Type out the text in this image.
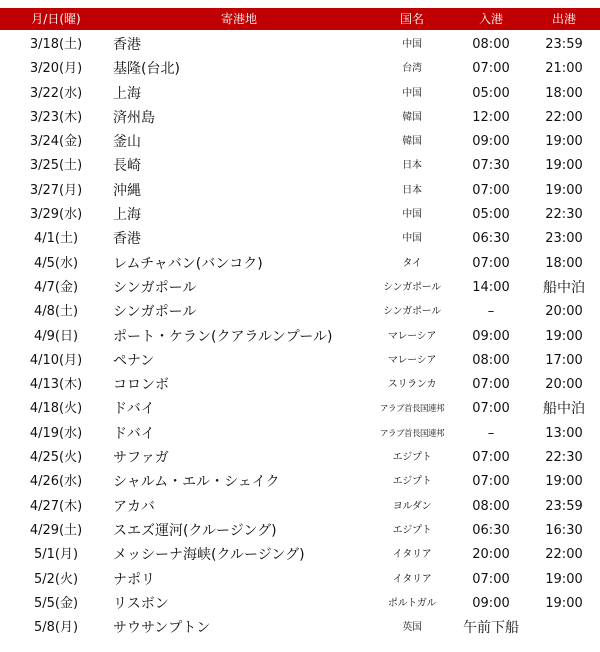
月/日(曜)	寄港地	国名	入港	出港
3/18(土)	香港	中国	08:00	23:59
3/20(月)	基隆(台北)	台湾	07:00	21:00
3/22(水)	上海	中国	05:00	18:00
3/23(木)	済州島	韓国	12:00	22:00
3/24(金)	釜山	韓国	09:00	19:00
3/25(土)	長崎	日本	07:30	19:00
3/27(月)	沖縄	日本	07:00	19:00
3/29(水)	上海	中国	05:00	22:30
4/1(土)	香港	中国	06:30	23:00
4/5(水)	レムチャバン(バンコク)	タイ	07:00	18:00
4/7(金)	シンガポール	シンガポール	14:00	船中泊
4/8(土)	シンガポール	シンガポール	–	20:00
4/9(日)	ポート・ケラン(クアラルンプール)	マレーシア	09:00	19:00
4/10(月)	ペナン	マレーシア	08:00	17:00
4/13(木)	コロンボ	スリランカ	07:00	20:00
4/18(火)	ドバイ	アラブ首長国連邦	07:00	船中泊
4/19(水)	ドバイ	アラブ首長国連邦	–	13:00
4/25(火)	サファガ	エジプト	07:00	22:30
4/26(水)	シャルム・エル・シェイク	エジプト	07:00	19:00
4/27(木)	アカバ	ヨルダン	08:00	23:59
4/29(土)	スエズ運河(クルージング)	エジプト	06:30	16:30
5/1(月)	メッシーナ海峡(クルージング)	イタリア	20:00	22:00
5/2(火)	ナポリ	イタリア	07:00	19:00
5/5(金)	リスボン	ポルトガル	09:00	19:00
5/8(月)	サウサンプトン	英国	午前下船
